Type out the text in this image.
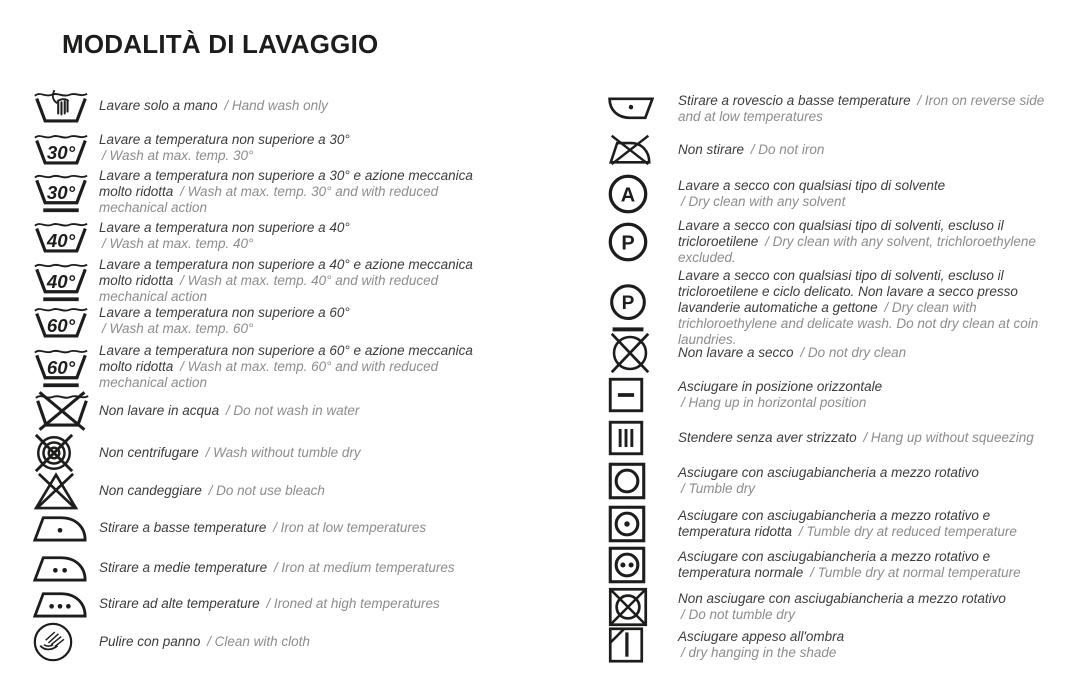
MODALITÀ DI LAVAGGIO

Lavare solo a mano / Hand wash only

30°

Lavare a temperatura non superiore a 30°
/ Wash at max. temp. 30°

30°

Lavare a temperatura non superiore a 30° e azione meccanica molto ridotta / Wash at max. temp. 30° and with reduced mechanical action

40°

Lavare a temperatura non superiore a 40°
/ Wash at max. temp. 40°

40°

Lavare a temperatura non superiore a 40° e azione meccanica molto ridotta / Wash at max. temp. 40° and with reduced mechanical action

60°

Lavare a temperatura non superiore a 60°
/ Wash at max. temp. 60°

60°

Lavare a temperatura non superiore a 60° e azione meccanica molto ridotta / Wash at max. temp. 60° and with reduced mechanical action

Non lavare in acqua / Do not wash in water

Non centrifugare / Wash without tumble dry

Non candeggiare / Do not use bleach

Stirare a basse temperature / Iron at low temperatures

Stirare a medie temperature / Iron at medium temperatures

Stirare ad alte temperature / Ironed at high temperatures

Pulire con panno / Clean with cloth

Stirare a rovescio a basse temperature / Iron on reverse side and at low temperatures

Non stirare / Do not iron

A	Lavare a secco con qualsiasi tipo di solvente
/ Dry clean with any solvent

P

Lavare a secco con qualsiasi tipo di solventi, escluso il tricloroetilene / Dry clean with any solvent, trichloroethylene excluded.

P

Lavare a secco con qualsiasi tipo di solventi, escluso il tricloroetilene e ciclo delicato. Non lavare a secco presso lavanderie automatiche a gettone / Dry clean with trichloroethylene and delicate wash. Do not dry clean at coin laundries.

Non lavare a secco / Do not dry clean

Asciugare in posizione orizzontale
/ Hang up in horizontal position

Stendere senza aver strizzato / Hang up without squeezing

Asciugare con asciugabiancheria a mezzo rotativo
/ Tumble dry

Asciugare con asciugabiancheria a mezzo rotativo e temperatura ridotta / Tumble dry at reduced temperature

Asciugare con asciugabiancheria a mezzo rotativo e temperatura normale / Tumble dry at normal temperature

Non asciugare con asciugabiancheria a mezzo rotativo
/ Do not tumble dry

Asciugare appeso all'ombra
/ dry hanging in the shade
